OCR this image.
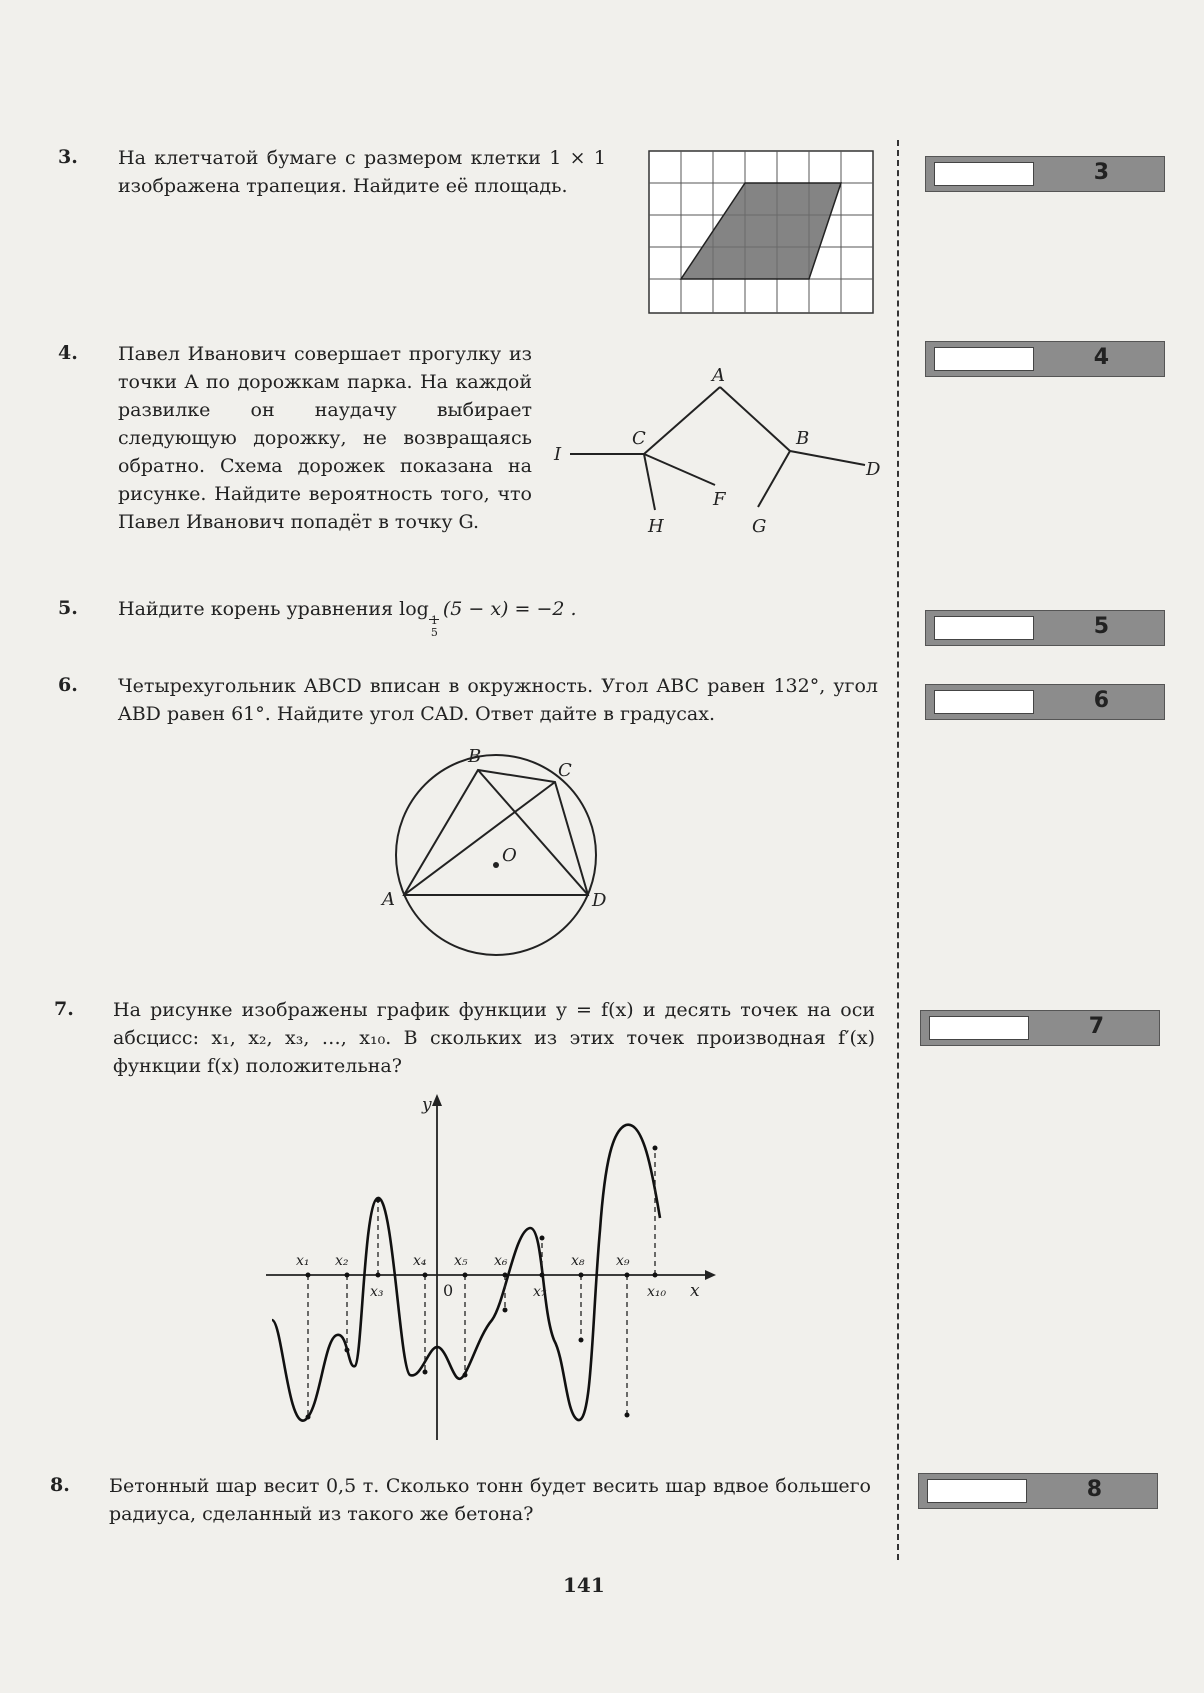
3. На клетчатой бумаге с размером клетки 1 × 1 изображена трапеция. Найдите её площадь.
3
4. Павел Иванович совершает прогулку из точки A по дорожкам парка. На каждой развилке он наудачу выбирает следующую дорожку, не возвращаясь обратно. Схема дорожек показана на рисунке. Найдите вероятность того, что Павел Иванович попадёт в точку G.
A
B
C
D
F
G
H
I
4
5. Найдите корень уравнения log
1
5
(5 − x) = −2 .
5
6. Четырехугольник ABCD вписан в окружность. Угол ABC равен 132°, угол ABD равен 61°. Найдите угол CAD. Ответ дайте в градусах.
A
B
C
D
O
6
7. На рисунке изображены график функции y = f(x) и десять точек на оси абсцисс: x₁, x₂, x₃, …, x₁₀. В скольких из этих точек производная f′(x) функции f(x) положительна?
x₁ x₂
x₃
x₄ x₅ x₆
x₇
x₈ x₉
x₁₀ x
y
0
7
8. Бетонный шар весит 0,5 т. Сколько тонн будет весить шар вдвое большего радиуса, сделанный из такого же бетона?
8
141
